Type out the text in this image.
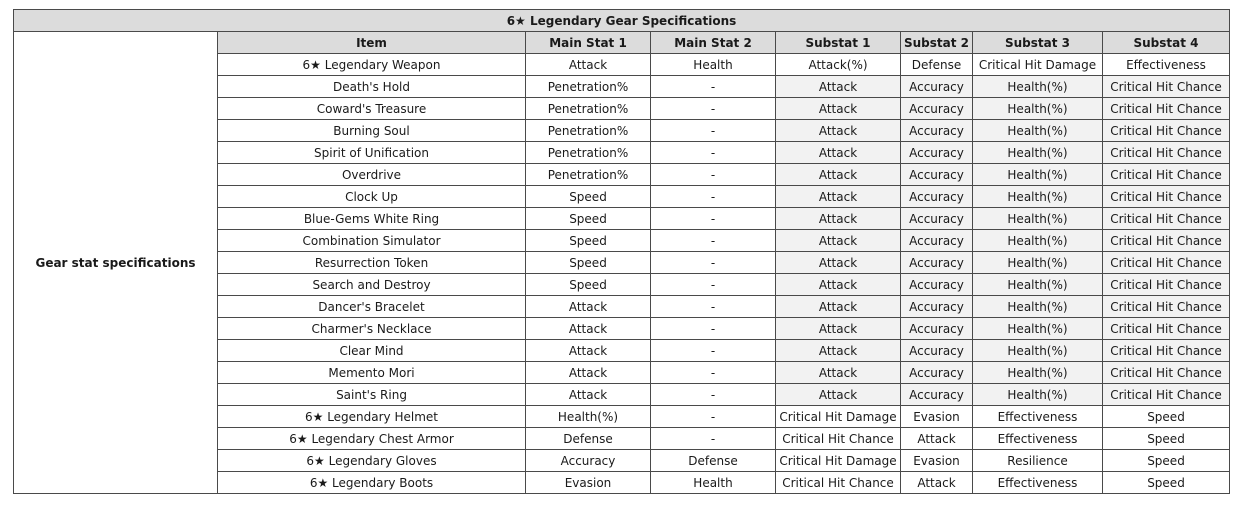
6★ Legendary Gear Specifications							
Gear stat specifications	Item	Main Stat 1	Main Stat 2	Substat 1	Substat 2	Substat 3	Substat 4
	6★ Legendary Weapon	Attack	Health	Attack(%)	Defense	Critical Hit Damage	Effectiveness
	Death's Hold	Penetration%	-	Attack	Accuracy	Health(%)	Critical Hit Chance
	Coward's Treasure	Penetration%	-	Attack	Accuracy	Health(%)	Critical Hit Chance
	Burning Soul	Penetration%	-	Attack	Accuracy	Health(%)	Critical Hit Chance
	Spirit of Unification	Penetration%	-	Attack	Accuracy	Health(%)	Critical Hit Chance
	Overdrive	Penetration%	-	Attack	Accuracy	Health(%)	Critical Hit Chance
	Clock Up	Speed	-	Attack	Accuracy	Health(%)	Critical Hit Chance
	Blue-Gems White Ring	Speed	-	Attack	Accuracy	Health(%)	Critical Hit Chance
	Combination Simulator	Speed	-	Attack	Accuracy	Health(%)	Critical Hit Chance
	Resurrection Token	Speed	-	Attack	Accuracy	Health(%)	Critical Hit Chance
	Search and Destroy	Speed	-	Attack	Accuracy	Health(%)	Critical Hit Chance
	Dancer's Bracelet	Attack	-	Attack	Accuracy	Health(%)	Critical Hit Chance
	Charmer's Necklace	Attack	-	Attack	Accuracy	Health(%)	Critical Hit Chance
	Clear Mind	Attack	-	Attack	Accuracy	Health(%)	Critical Hit Chance
	Memento Mori	Attack	-	Attack	Accuracy	Health(%)	Critical Hit Chance
	Saint's Ring	Attack	-	Attack	Accuracy	Health(%)	Critical Hit Chance
	6★ Legendary Helmet	Health(%)	-	Critical Hit Damage	Evasion	Effectiveness	Speed
	6★ Legendary Chest Armor	Defense	-	Critical Hit Chance	Attack	Effectiveness	Speed
	6★ Legendary Gloves	Accuracy	Defense	Critical Hit Damage	Evasion	Resilience	Speed
	6★ Legendary Boots	Evasion	Health	Critical Hit Chance	Attack	Effectiveness	Speed
